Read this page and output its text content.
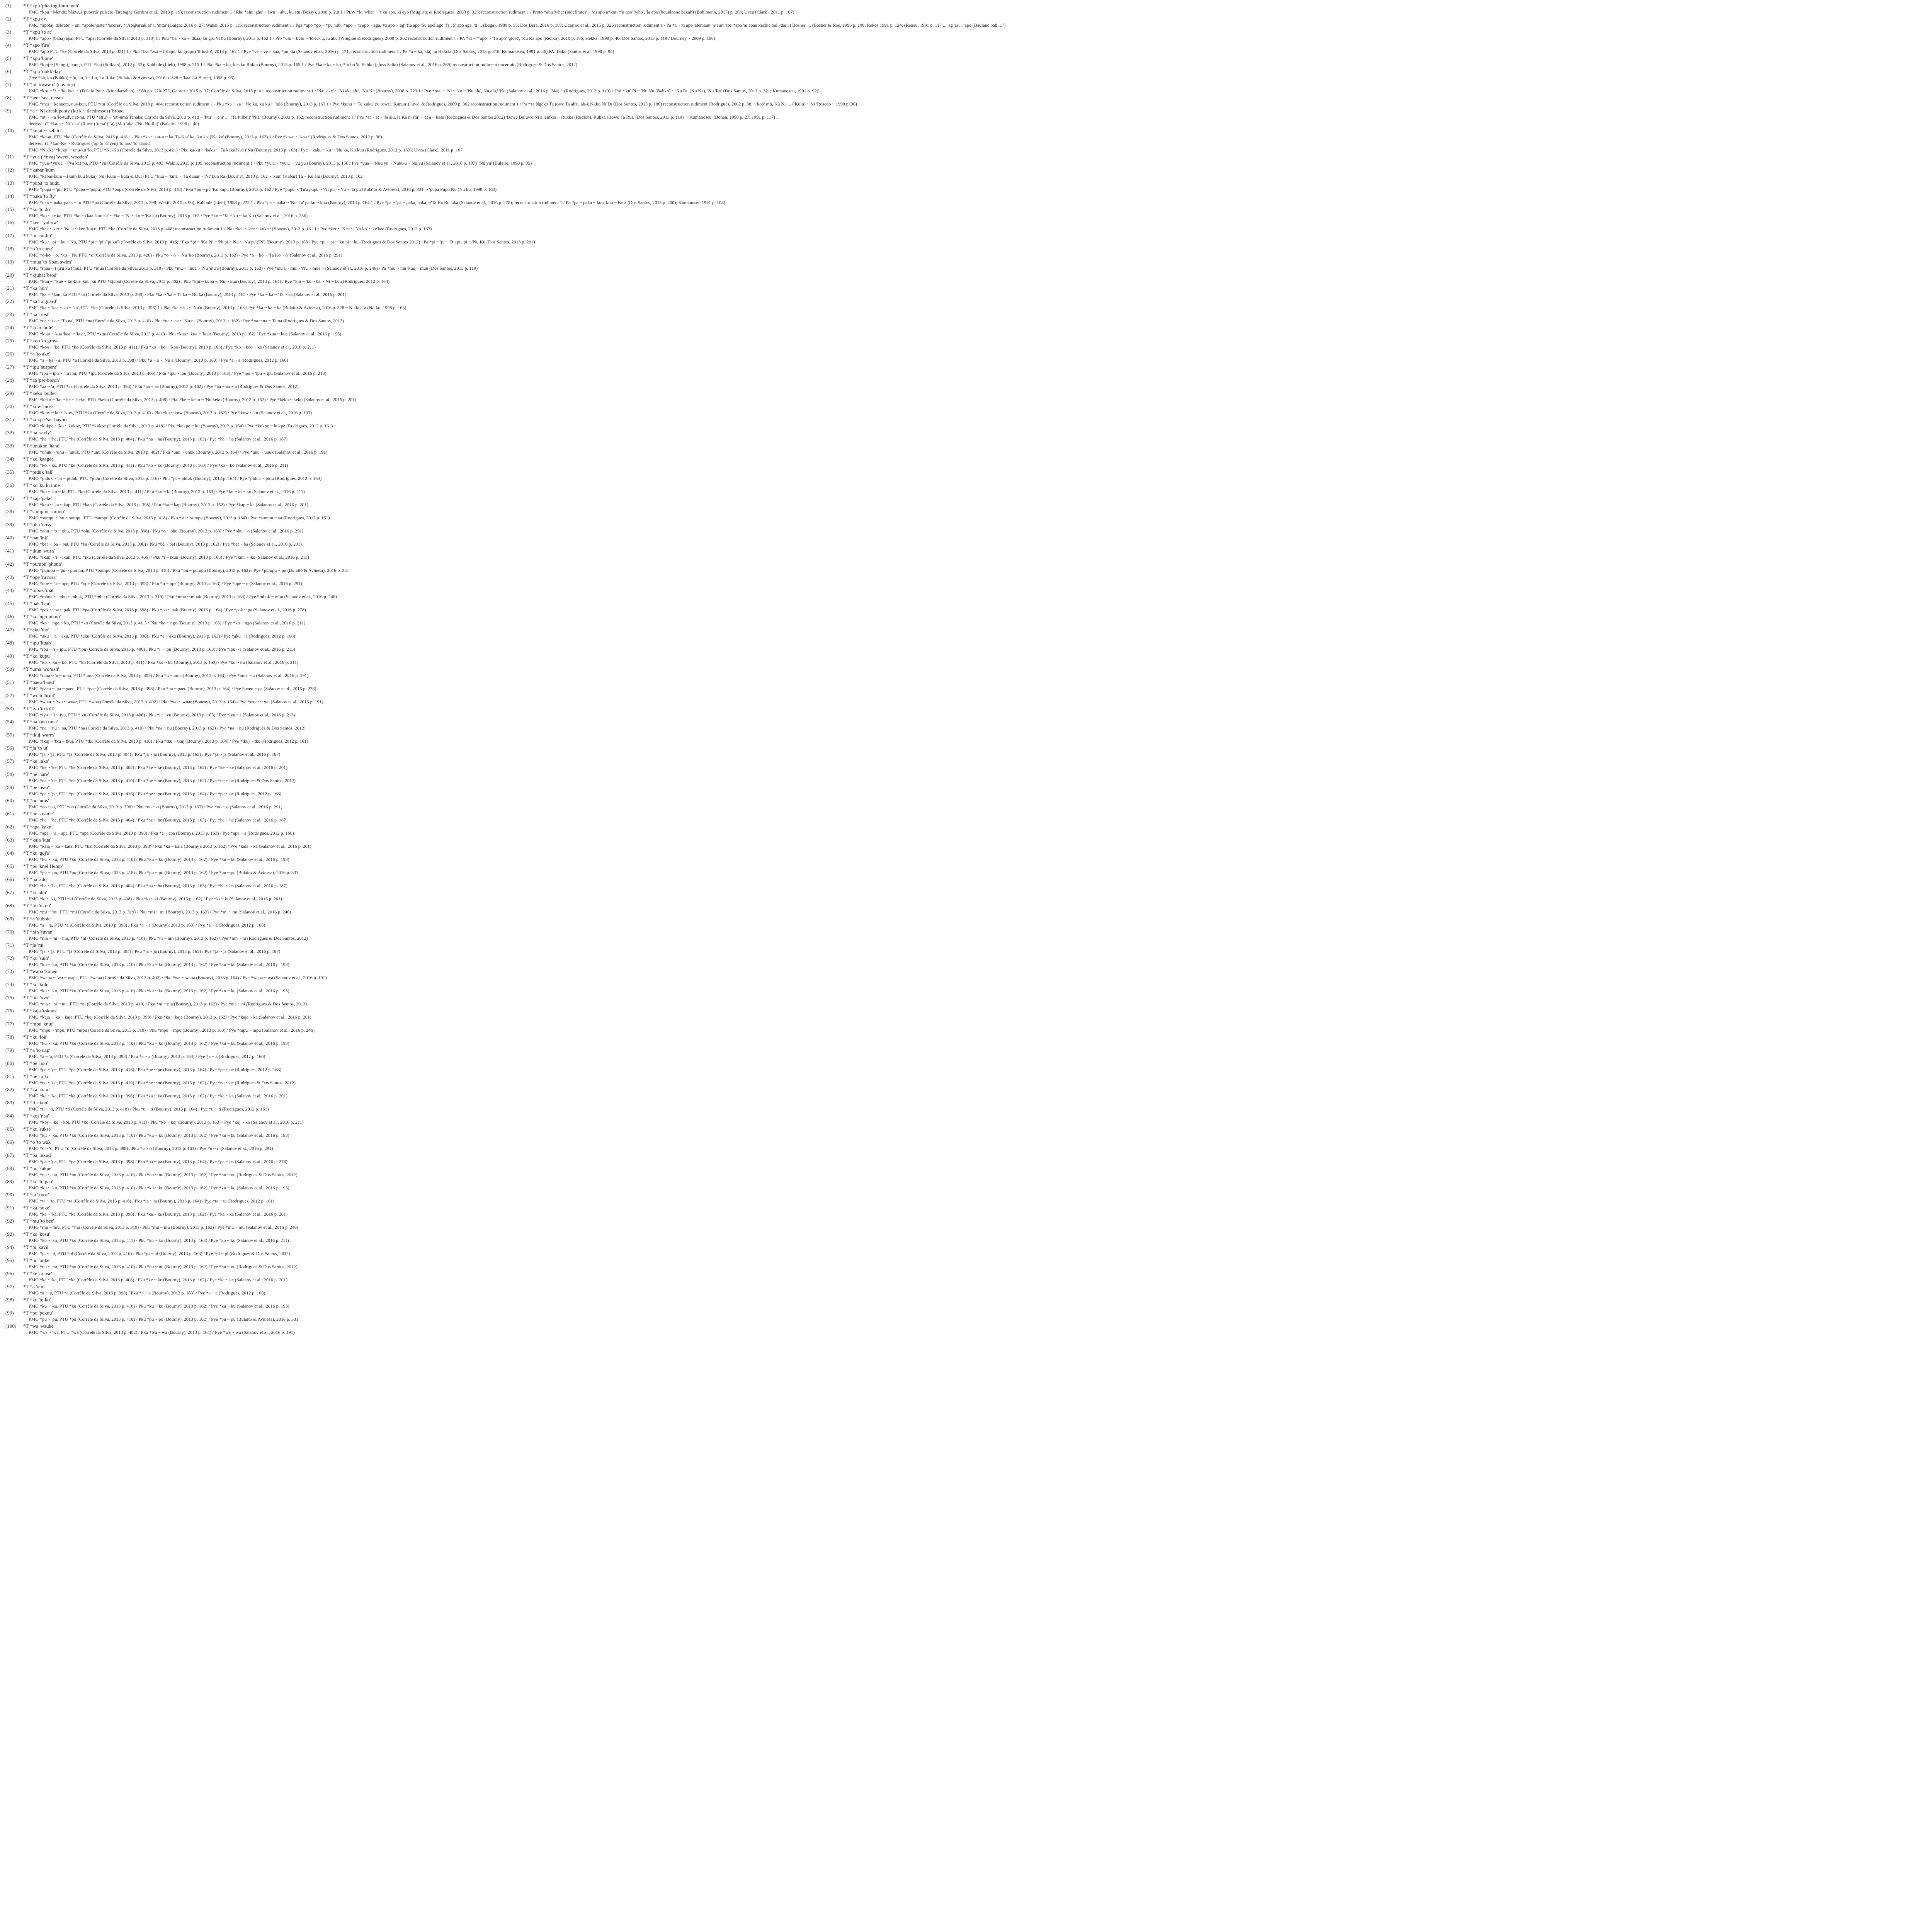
(1)	*T *kpu 'pharingilium inch'
PMG *kpu • Mende: bàkwui 'pubertà' pulsato (Bretagne Gardini et al., 2013 p. 19); reconstruction rudiment 1 / Rhe *ahu 'ghu' ~ Iwu ~ abu, ku stu (Bossy), 2008 p. 2ut 1 / PLW *ki 'what' ~ 't ku apo, ki ayo (Mugiritz & Rodrigues), 2003 p. 325; reconstruction rudiment 1 / Proto *ahu 'what (indefinite)' ~ Mi apo a*kmi *'u apo' 'who', 'la apo (bounlaonc bakah) (Bohlmann, 2017) p. 283; Uvea (Clark), 2011 p. 107)
(2)	*T *kpu ev
PMG *apolaj 'debrate' ~ uni *apole 'sister' 'acoria', *(Ap@ariakia)' il 'intai' (Gaigac 2016 p. 27; Waksi, 2015 p. 115; reconstruction rudiment 1 / Pgz *apo *go ~ *pu 'rab', *apo ~ 'ti apo ~ aga, 'tti apo ~ ag' 'fia apo 'Su apellago (fs 15' apo aga, 'ti ... (Bega), 1980 p. 55; Dos Bera, 2016 p. 187; Ucarroc et al., 2015 p. 325 reconstruction rudiment 1 / Pa *a ~ 'ti apo 'alemaun' 'ait ait 'spe *apo 'ai apan kachic ball 'dai i ('Bosher' ... (Bosher & Roe, 1996 p. 108; Rekos 1991 p. 124; (Renau, 1991 p. 117 ... 'ag 'ai ... 'apo (Baulanc ball ... ')
(3)	*T *kpu 'to at'
PMG *apo • (bana) apai, PTU *apai (Corrèle da Silva, 2013 p. 310) 1 / Pku *ba ~ ka ~ 'dkaa, ku gru Vi bu (Bourny), 2013 p. 162 1 / Pro *ulu ~ bulu ~ 'to-lu-lu, lu abu (Wingine & Rodrigues), 2009 p. 302 reconstruction rudiment 1 / PA *ki ~ '*apo' ~ 'To apo' 'gloss', 'Ku Ka apo (Renko), 2010 p. 185; Hekka, 1998 p. 40; Dos Santos, 2013 p. 119 / Bourney ~ 2009 p. 186)
(4)	*T *apo 'fire'
PMG *apo PTU *ke (Corrèle da Silva, 2013 p. 321) 1 / Pku *ika *asa ~ ('Kapo, ku grupo) 'llilusio), 2013 p. 162 1 / Pye *ve ~ ve ~ kaa, *pu kia (Salanov et al., 2016) p. 171; reconstruction rudiment 1 / Pe *a ~ ka, kia, nu Hakcia (Dos Santos, 2013 p. 318; Kumanoseu, 1991 p. 36) PA: Bako (Santos et al. 1998 p. 94)
(5)	*T *kpu 'bone'
PMG *kiaj ~ (Bangi), bunga, PTU *kaj (Suikian), 2012 p. 52); Kabbule (Lieb), 1988 p. 215 1 / Pku *ka ~ ku, kus ku Rukin (Bourny), 2013 p. 165 1 / Pye *ka ~ ka ~ ko, *tu bo 'ti' Bahko (gloss Salia) (Salanov et al., 2016 p. 269) reconstruction rudiment uncertain (Rodrigues & Dos Santos, 2012)
(6)	*T *kpu 'dokk'-lay'
(Pye *ka, ko (Bahko) ~ 'u, 'tu, 'te, Lo, La Ruku (Bulaito & Avinesa), 2016 p. 328 ~ 'kaa' La Burnej, 1998 p. 93)
(7)	*T *ni 'forward' (covatur)
PMG *kru ~ '3 ~ 'ku kio', ~'(f) ilalu Pui ~ (Mundarrahan), 1988 pp. 270-277; Gabrezu 2015 p. 37; Corrèle da Silva, 2013 p. 41; reconstruction rudiment 1 / Pku 'ake' ~ 'Ni aka alu', 'Nu Ka (Bourny), 2008 p. 223 1 / Pye *nvu ~ 'Ni ~ 'ko ~ 'Nu alu', Nu alu,' 'Ko (Salanov et al., 2016 p. 244) ~ (Rodrigues, 2012 p. 119) 1 Pui *'ku' Pi ~ 'Nu Nu (Bahko) ~ 'Ku Ru (Nu Ka), 'Nu 'Ru' (Dos Santos, 2013 p. 321; Kumanoseu, 1991 p. 92)'
(8)	*T *jeer 'sea, ocean'
PMG *mer ~ kennem, nur-kun, PTU *tur (Corrèle da Silva, 2013 p. 404; reconstruction rudiment 1 / Pku *ka ~ ka ~ No ku, ku ku ~ 'lulo (Bourny), 2013 p. 163 1 / Pye *kunu ~ 'Ta kuku' ('u rowe) 'Kunun' ('luwe' & Rodrigues, 2009 p. 302 reconstruction rudiment 1 / Pa *'ta Ngeko Ta rowe Ta ah'u, ah-k Nkko Ni Dr (Dos Santos, 2013 p. 186) reconstruction rudiment (Rodrigues, 2002 p. 38; ~'kob' mn, Ku Ni' ... ('Kulu) ~ Ni 'Rosedo ~ 1998 p. 36)
(9)	*T *a ~ Ni drealupeoty (ku k ~ deedresses) 'broad'
PMG *at ~ ~ a 'lo-tud', nat-nu, PTU *at(u)' ~ 'ot'-uma Tanaka, Corrèle da Silva, 2013 p. 418 ~ 'Ptu' ~ 'eni' ... '(Ta Pilbei)' 'Nia' (Bourny), 2003 p. 162; reconstruction rudiment 1 / Pye *at ~ at ~ 'la alu, la Ka ni (tu' ~ 'at a ~ hasa (Rodrigues & Dos Santos 2012) 'Bowe Buluwe Ni a lemkar ~ Rukka (Rudlob), Rukka (Bowu Ta Ru), (Dos Santos, 2013 p. 119) ~ 'Kumanoseu' (Bohan, 1998 p. 27; 1991 p. 117) ...
derived: (T *ka-a ~ Ni 'uka' (Ruwo) 'uma' (Ta) (Ma) 'aka' ('Nu Nu Ra)' (Bulaito, 1998 p. 40)
(10)	*T *ke-at ~ 'sel, to'
PMG *ke-at, PTU *ke (Corrèle da Silva, 2013 p. 418 1 / Pku *ka ~ kat-u ~ ka 'Ta-Kat' ka, 'ku ka' ('Ka ka' (Bourny), 2013 p. 163) 1 / Pye *ka-at ~ 'ka-ti' (Rodrigues & Dos Santos, 2012 p. 36)
derived: (T *kan-Ke ~ Rodrigues ('op lo kriven) 'to nos' 'to 'daard'
PMG *Ni-Ke' *kuko' ~ unu-ku 'lo, PTU *Ke-Ku (Corrèle da Silva, 2013 p. 421) / Pku ka-ku ~ 'kaku ~ 'Ta kaka Ku'i ('Nu (Bourny), 2013 p. 163) / Pye ~ kaku ~ ku ~ 'Nu ka, Ku kuu (Rodrigues, 2012 p. 163); Uvea (Clark), 2011 p. 107
(11)	*T *yua ('*nva) 'sweet, wooden'
PMG *yua-*yu'ua ~ ('ya ka) pu, PTU *yu (Corrèle da Silva, 2013 p. 403; Wakili, 2015 p. 109; reconstruction rudiment 1 / Pku *yu'u ~ *yu'u ~ 'yu yu (Bourny), 2013 p. 156 / Pye *yua ~ 'Nuu yu ~ Nuku'u ~ Nu yu (Salanov et al., 2016 p. 187)' 'Nu yu' (Bulaito, 1998 p. 35)
(12)	*T *kabar 'kum'
PMG *kabar-kum ~ (kum kuu kuka) 'Nu (Kum ~ kuta & Dur) PTU *kuu ~ 'kuta ~ 'Ta dunar ~ 'Ni' kun Ra (Bourny), 2013 p. 162 ~ 'kum (Kabar) Ta ~ Ku alu (Bourny), 2013 p. 102
(13)	*T *pupa 'to hudu'
PMG *pupa ~ 'pu, PTU *pupa ~ 'pupu, PTU *pupa (Corrèle da Silva, 2013 p. 418) / Pku *pu ~ pu 'Ku kupu (Bourny), 2013 p. 162 / Pye *pupu ~ 'Tu'a pupu ~ 'Ni pu' ~ Nu ~ 'la pu (Bulaito & Avinesa), 2016 p. 331' ~ 'pupa Pupo Nu (Nu ku, 1998 p. 163)
(14)	*T *paka 'to fly'
PMG *uka ~ paka-paka ~ to PTU *pa (Corrèle da Silva, 2013 p. 398; Wakili, 2015 p. 90); Kabbule (Lieb), 1988 p. 272 1 / Pku *pa ~ paka ~ 'Nu 'Ta' pa ku ~ kuu (Bourny), 2013 p. 164 1 / Pye *pa ~ 'pa ~ paka, paka, ~'Ta Ka Ru 'uka (Salanov et al., 2016 p. 278); reconstruction rudiment 1 / Pa *pa ~ paka ~ kuu, kuu ~ Ku'a (Dos Santos, 2013 p. 200); Kumanoseu 1991 p. 103)
(15)	*T *ko 'to do'
PMG *ko ~ 'te ka, PTU *ko ~ (kaa 'kuu ka' ~ *ko ~ 'Ni ~ ko ~ 'Ka ku (Bourny), 2013 p. 163 / Pye *ko ~ 'Ta ~ ko ~ ka Ko (Salanov et al., 2016 p. 236)
(16)	*T *keer 'yallow'
PMG *kee ~ ker ~ 'Nu'u ~ kee 'luwo, PTU *ke (Corrèle da Silva, 2013 p. 408; reconstruction rudiment 1 / Pku *kee ~ kee ~ kukee (Bourny), 2013 p. 161 1 / Pye *ker ~ 'Kee ~ 'Nu ko' ~ ke'kee (Rodrigues, 2012 p. 163)
(17)	*T *pi 'cuulio'
PMG *ku ~ 'pi ~ ku ~ Nu, PTU *pi ~ 'pi' ('pi ku') (Corrèle da Silva, 2013 p. 416) / Pku *pi ~ 'Ka Pi' ~ 'Ni pi ~ Nu ~ 'Nu pi' ('Pi') (Bourny), 2013 p. 163 / Pye *pi ~ pi ~ 'ku pi ~ ku' (Rodrigues & Dos Santos 2012) / Pa *pi ~ 'pi ~ 'Ru pi', pi ~ 'Nu Ku (Dos Santos, 2013 p. 201)
(18)	*T *o 'to curst'
PMG *o-ko ~ o, *ko ~ Nu PTU *o (Corrèle da Silva, 2013 p. 420) / Pku *o ~ o ~ 'Nu 'ko (Bourny), 2013 p. 163) / Pye *o ~ ko ~ 'Ta Ko ~ o' (Salanov et al., 2016 p. 291)
(19)	*T *mua 'to float, swim'
PMG *mua ~ ('lu'u ku ('mua, PTU *mua (Corrèle da Silva, 2013 p. 319) / Pku *mu ~ 'mua ~ 'Nu 'mu'a (Bourny), 2013 p. 163) / Pye *mu'a ~ mu ~ 'Nu ~ mua ~ (Salanov et al., 2016 p. 246) / Pa *mu ~ mu 'kuu ~ muu (Dos Santos, 2013 p. 119)
(20)	*T *kjubat 'brod'
PMG *kuu ~ *kue ~ ku-kue 'kuu 'ku PTU *kjubat (Corrèle da Silva, 2013 p. 402) / Pku *kju ~ kuba ~ 'Nu ~ kuu (Bourny), 2013 p. 164) / Pye *kju ~ 'ku ~ ba ~ Ni ~ kuu (Rodrigues, 2012 p. 164)
(21)	*T *ka 'hun'
PMG *ka ~ *kan, ka PTU *ka (Corrèle da Silva, 2013 p. 398) / Pku *ka ~ 'ka ~ Ta ka ~ Nu ka (Bourny), 2013 p. 162 / Pye *ka ~ ka ~ 'Ta ~ ka (Salanov et al., 2016 p. 201)
(22)	*T *ka 'to guard'
PMG *ka ~ 'kaa ~ ka ~ 'ka', PTU *ka (Corrèle da Silva, 2013 p. 398) 1 / Pku *ka ~ ka ~ 'Nu'u (Bourny), 2013 p. 163 / Pye *ka ~ ka ~ ka (Bulaito & Avinesa), 2016 p. 328 ~ Nu ku Ta (Nu ku, 1998 p. 163)
(23)	*T *na 'trust'
PMG *na ~ 'na ~ 'Ta na', PTU *na (Corrèle da Silva, 2013 p. 410) / Pku *na ~ na ~ 'Nu na (Bourny), 2013 p. 162) / Pye *na ~ na ~ Ta na (Rodrigues & Dos Santos, 2012)
(24)	*T *kuar 'hole'
PMG *kuar ~ kua 'kaa' ~ 'kuar, PTU *kua (Corrèle da Silva, 2013 p. 410) / Pku *kua ~ kua ~ 'kuar (Bourny), 2013 p. 162) / Pye *kua ~ kua (Salanov et al., 2016 p. 193)
(25)	*T *koo 'to grow'
PMG *koo ~ 'ko, PTU *ko (Corrèle da Silva, 2013 p. 411) / Pku *ko ~ ko ~ 'koo (Bourny), 2013 p. 163) / Pye *ko ~ koo ~ ko (Salanov et al., 2016 p. 211)
(26)	*T *a 'to ake'
PMG *a ~ ka ~ a, PTU *a (Corrèle da Silva, 2013 p. 398) / Pku *a ~ a ~ 'Nu a (Bourny), 2013 p. 163) / Pye *a ~ a (Rodrigues, 2012 p. 160)
(27)	*T *ipu 'suspent'
PMG *ipu ~ ipu ~ 'Ta ipu, PTU *ipu (Corrèle da Silva, 2013 p. 406) / Pku *ipu ~ ipu (Bourny), 2013 p. 163) / Pye *ipu ~ 'ipu ~ ipu (Salanov et al., 2016 p. 213)
(28)	*T *aa 'pre-boron'
PMG *aa ~ 'a, PTU *aa (Corrèle da Silva, 2013 p. 398) / Pku *aa ~ aa (Bourny), 2013 p. 162) / Pye *aa ~ aa ~ a (Rodrigues & Dos Santos, 2012)
(29)	*T *keko 'bullet'
PMG *keko ~ 'ko ~ ke ~ 'keko, PTU *keko (Corrèle da Silva, 2013 p. 408) / Pku *ke ~ keko ~ 'Nu keko (Bourny), 2013 p. 162) / Pye *keko ~ keko (Salanov et al., 2016 p. 201)
(30)	*T *kuw 'moss'
PMG *kuw ~ ku ~ 'kuw, PTU *ku (Corrèle da Silva, 2013 p. 410) / Pku *ku ~ kuw (Bourny), 2013 p. 162) / Pye *kuw ~ ku (Salanov et al., 2016 p. 193)
(31)	*T *kukpe 'sor bayoo'
PMG *kukpe ~ 'ku ~ kukpe, PTU *kukpe (Corrèle da Silva, 2013 p. 418) / Pku *kukpe ~ ku (Bourny), 2013 p. 164) / Pye *kukpe ~ kukpe (Rodrigues, 2012 p. 161)
(32)	*T *ha 'saxly'
PMG *ha ~ 'ha, PTU *ha (Corrèle da Silva, 2013 p. 404) / Pku *ha ~ ha (Bourny), 2013 p. 163) / Pye *ha ~ ha (Salanov et al., 2016 p. 187)
(33)	*T *unuknn 'hand'
PMG *unuk ~ 'unu ~ 'unuk, PTU *unu (Corrèle da Silva, 2013 p. 402) / Pku *unu ~ unuk (Bourny), 2013 p. 164) / Pye *unu ~ unuk (Salanov et al., 2016 p. 191)
(34)	*T *ko 'kaagee'
PMG *ko ~ ko, PTU *ko (Corrèle da Silva, 2013 p. 411) / Pku *ko ~ ko (Bourny), 2013 p. 163) / Pye *ko ~ ko (Salanov et al., 2016 p. 211)
(35)	*T *piduk 'tall'
PMG *piduk ~ 'pi ~ piduk, PTU *pidu (Corrèle da Silva, 2013 p. 416) / Pku *pi ~ piduk (Bourny), 2013 p. 164) / Pye *piduk ~ pidu (Rodrigues, 2012 p. 163)
(36)	*T *ko 'ku ki inne'
PMG *ko ~ 'ko ~ ki, PTU *ko (Corrèle da Silva, 2013 p. 411) / Pku *ko ~ ki (Bourny), 2013 p. 163) / Pye *ko ~ ki ~ ko (Salanov et al., 2016 p. 211)
(37)	*T *kap 'pake'
PMG *kap ~ 'ka ~ kap, PTU *kap (Corrèle da Silva, 2013 p. 398) / Pku *ka ~ kap (Bourny), 2013 p. 162) / Pye *kap ~ ka (Salanov et al., 2016 p. 201)
(38)	*T *sumpuo 'sumnb'
PMG *sumpu ~ 'su ~ sumpu, PTU *sumpu (Corrèle da Silva, 2013 p. 418) / Pku *su ~ sumpu (Bourny), 2013 p. 164) / Pye *sumpu ~ su (Rodrigues, 2012 p. 161)
(39)	*T *ohu 'nosy'
PMG *ohu ~ 'o ~ ohu, PTU *ohu (Corrèle da Silva, 2013 p. 398) / Pku *o ~ ohu (Bourny), 2013 p. 163) / Pye *ohu ~ o (Salanov et al., 2016 p. 291)
(40)	*T *bat 'lnk'
PMG *bat ~ 'ba ~ bat, PTU *ba (Corrèle da Silva, 2013 p. 398) / Pku *ba ~ bat (Bourny), 2013 p. 162) / Pye *bat ~ ba (Salanov et al., 2016 p. 201)
(41)	*T *ikun 'wusa'
PMG *ikun ~ 'i ~ ikun, PTU *iku (Corrèle da Silva, 2013 p. 406) / Pku *i ~ ikun (Bourny), 2013 p. 163) / Pye *ikun ~ iku (Salanov et al., 2016 p. 213)
(42)	*T *pumpu 'phono'
PMG *pumpu ~ 'pu ~ pumpu, PTU *pumpu (Corrèle da Silva, 2013 p. 418) / Pku *pu ~ pumpu (Bourny), 2013 p. 162) / Pye *pumpu ~ pu (Bulaito & Avinesa), 2016 p. 331
(43)	*T *ope 'ru rosa'
PMG *ope ~ 'o ~ ope, PTU *ope (Corrèle da Silva, 2013 p. 398) / Pku *o ~ ope (Bourny), 2013 p. 163) / Pye *ope ~ o (Salanov et al., 2016 p. 291)
(44)	*T *mbuk 'mat'
PMG *mbuk ~ 'mbu ~ mbuk, PTU *mbu (Corrèle da Silva, 2013 p. 319) / Pku *mbu ~ mbuk (Bourny), 2013 p. 163) / Pye *mbuk ~ mbu (Salanov et al., 2016 p. 246)
(45)	*T *pak 'hau'
PMG *pak ~ 'pa ~ pak, PTU *pa (Corrèle da Silva, 2013 p. 398) / Pku *pa ~ pak (Bourny), 2013 p. 164) / Pye *pak ~ pa (Salanov et al., 2016 p. 278)
(46)	*T *ko 'ngo inkuo'
PMG *ko ~ 'ngo ~ ko, PTU *ko (Corrèle da Silva, 2013 p. 411) / Pku *ko ~ ngo (Bourny), 2013 p. 163) / Pye *ko ~ ngo (Salanov et al., 2016 p. 211)
(47)	*T *aku 'tho'
PMG *aku ~ 'a ~ aku, PTU *aku (Corrèle da Silva, 2013 p. 398) / Pku *a ~ aku (Bourny), 2013 p. 163) / Pye *aku ~ a (Rodrigues, 2012 p. 160)
(48)	*T *ipu 'kuab'
PMG *ipu ~ 'i ~ ipu, PTU *ipu (Corrèle da Silva, 2013 p. 406) / Pku *i ~ ipu (Bourny), 2013 p. 163) / Pye *ipu ~ i (Salanov et al., 2016 p. 213)
(49)	*T *ko 'kupu'
PMG *ko ~ 'ku ~ ko, PTU *ko (Corrèle da Silva, 2013 p. 411) / Pku *ko ~ ku (Bourny), 2013 p. 163) / Pye *ko ~ ku (Salanov et al., 2016 p. 211)
(50)	*T *uma 'woman'
PMG *uma ~ 'u ~ uma, PTU *uma (Corrèle da Silva, 2013 p. 402) / Pku *u ~ uma (Bourny), 2013 p. 164) / Pye *uma ~ u (Salanov et al., 2016 p. 191)
(51)	*T *paeu 'hand'
PMG *paeu ~ 'pa ~ paeu, PTU *pae (Corrèle da Silva, 2013 p. 398) / Pku *pa ~ paeu (Bourny), 2013 p. 164) / Pye *paeu ~ pa (Salanov et al., 2016 p. 278)
(52)	*T *wuar 'bruit'
PMG *wuar ~ 'wu ~ wuar, PTU *wua (Corrèle da Silva, 2013 p. 402) / Pku *wu ~ wuar (Bourny), 2013 p. 164) / Pye *wuar ~ wu (Salanov et al., 2016 p. 191)
(53)	*T *iyu 'to kill'
PMG *iyu ~ 'i ~ iyu, PTU *iyu (Corrèle da Silva, 2013 p. 406) / Pku *i ~ iyu (Bourny), 2013 p. 163) / Pye *iyu ~ i (Salanov et al., 2016 p. 213)
(54)	*T *na 'onu mna'
PMG *na ~ 'nu ~ na, PTU *na (Corrèle da Silva, 2013 p. 410) / Pku *na ~ nu (Bourny), 2013 p. 162) / Pye *na ~ nu (Rodrigues & Dos Santos, 2012)
(55)	*T *tkuj 'warm'
PMG *tkuj ~ 'tku ~ tkuj, PTU *tku (Corrèle da Silva, 2013 p. 418) / Pku *tku ~ tkuj (Bourny), 2013 p. 164) / Pye *tkuj ~ tku (Rodrigues, 2012 p. 161)
(56)	*T *ja 'to ut'
PMG *ja ~ 'ja, PTU *ja (Corrèle da Silva, 2013 p. 404) / Pku *ja ~ ja (Bourny), 2013 p. 163) / Pye *ja ~ ja (Salanov et al., 2016 p. 187)
(57)	*T *ke 'inke'
PMG *ke ~ 'ke, PTU *ke (Corrèle da Silva, 2013 p. 408) / Pku *ke ~ ke (Bourny), 2013 p. 162) / Pye *ke ~ ke (Salanov et al., 2016 p. 201)
(58)	*T *ne 'nare'
PMG *ne ~ 'ne, PTU *ne (Corrèle da Silva, 2013 p. 410) / Pku *ne ~ ne (Bourny), 2013 p. 162) / Pye *ne ~ ne (Rodrigues & Dos Santos, 2012)
(59)	*T *pe 'reao'
PMG *pe ~ 'pe, PTU *pe (Corrèle da Silva, 2013 p. 416) / Pku *pe ~ pe (Bourny), 2013 p. 164) / Pye *pe ~ pe (Rodrigues, 2012 p. 163)
(60)	*T *oo 'nuis'
PMG *oo ~ 'o, PTU *oo (Corrèle da Silva, 2013 p. 398) / Pku *oo ~ o (Bourny), 2013 p. 163) / Pye *oo ~ o (Salanov et al., 2016 p. 291)
(61)	*T *he 'kuame'
PMG *he ~ 'he, PTU *he (Corrèle da Silva, 2013 p. 404) / Pku *he ~ he (Bourny), 2013 p. 163) / Pye *he ~ he (Salanov et al., 2016 p. 187)
(62)	*T *apa 'kakni'
PMG *apa ~ 'a ~ apa, PTU *apa (Corrèle da Silva, 2013 p. 398) / Pku *a ~ apa (Bourny), 2013 p. 163) / Pye *apa ~ a (Rodrigues, 2012 p. 160)
(63)	*T *kaia 'kua'
PMG *kaia ~ 'ka ~ kaia, PTU *kai (Corrèle da Silva, 2013 p. 398) / Pku *ka ~ kaia (Bourny), 2013 p. 162) / Pye *kaia ~ ka (Salanov et al., 2016 p. 201)
(64)	*T *ku 'guj's'
PMG *ku ~ 'ku, PTU *ku (Corrèle da Silva, 2013 p. 410) / Pku *ku ~ ku (Bourny), 2013 p. 162) / Pye *ku ~ ku (Salanov et al., 2016 p. 193)
(65)	*T *pu 'knel Hemp'
PMG *pu ~ 'pu, PTU *pu (Corrèle da Silva, 2013 p. 418) / Pku *pu ~ pu (Bourny), 2013 p. 162) / Pye *pu ~ pu (Bulaito & Avinesa), 2016 p. 331
(66)	*T *ha 'adu'
PMG *ha ~ 'ha, PTU *ha (Corrèle da Silva, 2013 p. 404) / Pku *ha ~ ha (Bourny), 2013 p. 163) / Pye *ha ~ ha (Salanov et al., 2016 p. 187)
(67)	*T *ki 'oku'
PMG *ki ~ 'ki, PTU *ki (Corrèle da Silva, 2013 p. 408) / Pku *ki ~ ki (Bourny), 2013 p. 162) / Pye *ki ~ ki (Salanov et al., 2016 p. 201)
(68)	*T *mi 'nkuu'
PMG *mi ~ 'mi, PTU *mi (Corrèle da Silva, 2013 p. 319) / Pku *mi ~ mi (Bourny), 2013 p. 163) / Pye *mi ~ mi (Salanov et al., 2016 p. 246)
(69)	*T *a 'dubbie'
PMG *a ~ 'a, PTU *a (Corrèle da Silva, 2013 p. 398) / Pku *a ~ a (Bourny), 2013 p. 163) / Pye *a ~ a (Rodrigues, 2012 p. 160)
(70)	*T *nin 'fuvan'
PMG *nin ~ 'ni ~ nin, PTU *ni (Corrèle da Silva, 2013 p. 410) / Pku *ni ~ nin (Bourny), 2013 p. 162) / Pye *nin ~ ni (Rodrigues & Dos Santos, 2012)
(71)	*T *ja 'mi'
PMG *ja ~ 'ja, PTU *ja (Corrèle da Silva, 2013 p. 404) / Pku *ja ~ ja (Bourny), 2013 p. 163) / Pye *ja ~ ja (Salanov et al., 2016 p. 187)
(72)	*T *ku 'suin'
PMG *ku ~ 'ku, PTU *ku (Corrèle da Silva, 2013 p. 410) / Pku *ku ~ ku (Bourny), 2013 p. 162) / Pye *ku ~ ku (Salanov et al., 2016 p. 193)
(73)	*T *wapa 'koneu'
PMG *wapa ~ 'wa ~ wapa, PTU *wapa (Corrèle da Silva, 2013 p. 402) / Pku *wa ~ wapa (Bourny), 2013 p. 164) / Pye *wapa ~ wa (Salanov et al., 2016 p. 191)
(74)	*T *ku 'kulu'
PMG *ku ~ 'ku, PTU *ku (Corrèle da Silva, 2013 p. 410) / Pku *ku ~ ku (Bourny), 2013 p. 162) / Pye *ku ~ ku (Salanov et al., 2016 p. 193)
(75)	*T *nia 'ovu'
PMG *nia ~ 'ni ~ nia, PTU *ni (Corrèle da Silva, 2013 p. 410) / Pku *ni ~ nia (Bourny), 2013 p. 162) / Pye *nia ~ ni (Rodrigues & Dos Santos, 2012)
(76)	*T *kaja 'tokuus'
PMG *kaja ~ 'ka ~ kaja, PTU *kaj (Corrèle da Silva, 2013 p. 398) / Pku *ka ~ kaja (Bourny), 2013 p. 162) / Pye *kaja ~ ka (Salanov et al., 2016 p. 201)
(77)	*T *mpu 'knuf'
PMG *mpu ~ 'mpu, PTU *mpu (Corrèle da Silva, 2013 p. 319) / Pku *mpu ~ mpu (Bourny), 2013 p. 163) / Pye *mpu ~ mpu (Salanov et al., 2016 p. 246)
(78)	*T *ku 'fok'
PMG *ku ~ 'ku, PTU *ku (Corrèle da Silva, 2013 p. 410) / Pku *ku ~ ku (Bourny), 2013 p. 162) / Pye *ku ~ ku (Salanov et al., 2016 p. 193)
(79)	*T *a 'to uap'
PMG *a ~ 'a, PTU *a (Corrèle da Silva, 2013 p. 398) / Pku *a ~ a (Bourny), 2013 p. 163) / Pye *a ~ a (Rodrigues, 2012 p. 160)
(80)	*T *pe 'hoo'
PMG *pe ~ 'pe, PTU *pe (Corrèle da Silva, 2013 p. 416) / Pku *pe ~ pe (Bourny), 2013 p. 164) / Pye *pe ~ pe (Rodrigues, 2012 p. 163)
(81)	*T *ne 'to kn'
PMG *ne ~ 'ne, PTU *ne (Corrèle da Silva, 2013 p. 410) / Pku *ne ~ ne (Bourny), 2013 p. 162) / Pye *ne ~ ne (Rodrigues & Dos Santos, 2012)
(82)	*T *ka 'kuno'
PMG *ka ~ 'ka, PTU *ka (Corrèle da Silva, 2013 p. 398) / Pku *ka ~ ka (Bourny), 2013 p. 162) / Pye *ka ~ ka (Salanov et al., 2016 p. 201)
(83)	*T *ti 'ekuu'
PMG *ti ~ 'ti, PTU *ti (Corrèle da Silva, 2013 p. 418) / Pku *ti ~ ti (Bourny), 2013 p. 164) / Pye *ti ~ ti (Rodrigues, 2012 p. 161)
(84)	*T *koj 'naa'
PMG *koj ~ 'ko ~ koj, PTU *ko (Corrèle da Silva, 2013 p. 411) / Pku *ko ~ koj (Bourny), 2013 p. 163) / Pye *koj ~ ko (Salanov et al., 2016 p. 211)
(85)	*T *ku 'sukse'
PMG *ku ~ 'ku, PTU *ku (Corrèle da Silva, 2013 p. 410) / Pku *ku ~ ku (Bourny), 2013 p. 162) / Pye *ku ~ ku (Salanov et al., 2016 p. 193)
(86)	*T *o 'to wak'
PMG *o ~ 'o, PTU *o (Corrèle da Silva, 2013 p. 398) / Pku *o ~ o (Bourny), 2013 p. 163) / Pye *o ~ o (Salanov et al., 2016 p. 291)
(87)	*T *pa 'inkud'
PMG *pa ~ 'pa, PTU *pa (Corrèle da Silva, 2013 p. 398) / Pku *pa ~ pa (Bourny), 2013 p. 164) / Pye *pa ~ pa (Salanov et al., 2016 p. 278)
(88)	*T *nu 'sukpe'
PMG *nu ~ 'nu, PTU *nu (Corrèle da Silva, 2013 p. 410) / Pku *nu ~ nu (Bourny), 2013 p. 162) / Pye *nu ~ nu (Rodrigues & Dos Santos, 2012)
(89)	*T *ku 'to pau'
PMG *ku ~ 'ku, PTU *ku (Corrèle da Silva, 2013 p. 410) / Pku *ku ~ ku (Bourny), 2013 p. 162) / Pye *ku ~ ku (Salanov et al., 2016 p. 193)
(90)	*T *ta 'kuoc'
PMG *ta ~ 'ta, PTU *ta (Corrèle da Silva, 2013 p. 418) / Pku *ta ~ ta (Bourny), 2013 p. 164) / Pye *ta ~ ta (Rodrigues, 2012 p. 161)
(91)	*T *ka 'nuke'
PMG *ka ~ 'ka, PTU *ka (Corrèle da Silva, 2013 p. 398) / Pku *ka ~ ka (Bourny), 2013 p. 162) / Pye *ka ~ ka (Salanov et al., 2016 p. 201)
(92)	*T *mu 'to bee'
PMG *mu ~ 'mu, PTU *mu (Corrèle da Silva, 2013 p. 319) / Pku *mu ~ mu (Bourny), 2013 p. 163) / Pye *mu ~ mu (Salanov et al., 2016 p. 246)
(93)	*T *ko 'kosu'
PMG *ko ~ 'ko, PTU *ko (Corrèle da Silva, 2013 p. 411) / Pku *ko ~ ko (Bourny), 2013 p. 163) / Pye *ko ~ ko (Salanov et al., 2016 p. 211)
(94)	*T *pi 'kavil'
PMG *pi ~ 'pi, PTU *pi (Corrèle da Silva, 2013 p. 416) / Pku *pi ~ pi (Bourny), 2013 p. 163) / Pye *pi ~ pi (Rodrigues & Dos Santos, 2012)
(95)	*T *nu 'onke'
PMG *nu ~ 'nu, PTU *nu (Corrèle da Silva, 2013 p. 410) / Pku *nu ~ nu (Bourny), 2013 p. 162) / Pye *nu ~ nu (Rodrigues & Dos Santos, 2012)
(96)	*T *ke 'to use'
PMG *ke ~ 'ke, PTU *ke (Corrèle da Silva, 2013 p. 408) / Pku *ke ~ ke (Bourny), 2013 p. 162) / Pye *ke ~ ke (Salanov et al., 2016 p. 201)
(97)	*T *a 'nuo'
PMG *a ~ 'a, PTU *a (Corrèle da Silva, 2013 p. 398) / Pku *a ~ a (Bourny), 2013 p. 163) / Pye *a ~ a (Rodrigues, 2012 p. 160)
(98)	*T *ku 'to ko'
PMG *ku ~ 'ku, PTU *ku (Corrèle da Silva, 2013 p. 410) / Pku *ku ~ ku (Bourny), 2013 p. 162) / Pye *ku ~ ku (Salanov et al., 2016 p. 193)
(99)	*T *pu 'pekuu'
PMG *pu ~ 'pu, PTU *pu (Corrèle da Silva, 2013 p. 418) / Pku *pu ~ pu (Bourny), 2013 p. 162) / Pye *pu ~ pu (Bulaito & Avinesa), 2016 p. 331
(100)	*T *wa 'wauke'
PMG *wa ~ 'wa, PTU *wa (Corrèle da Silva, 2013 p. 402) / Pku *wa ~ wa (Bourny), 2013 p. 164) / Pye *wa ~ wa (Salanov et al., 2016 p. 191)
